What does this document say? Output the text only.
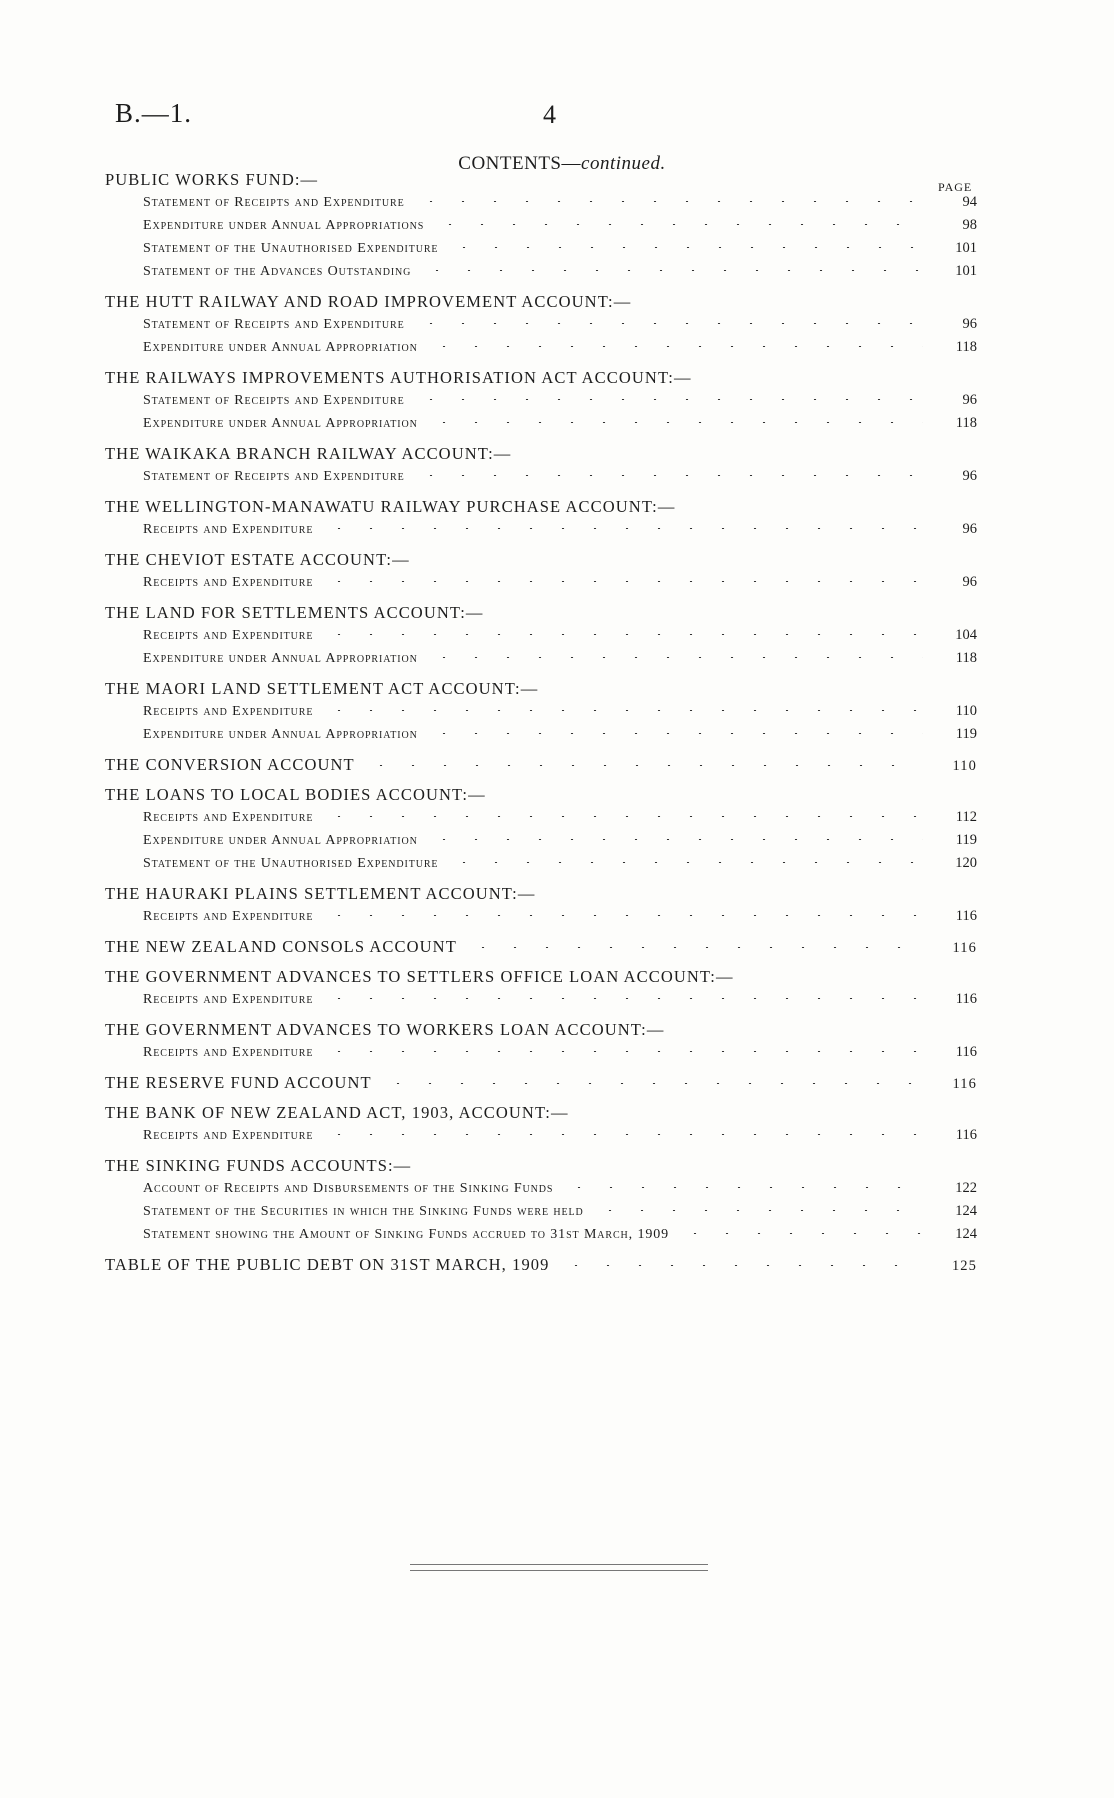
B.—1.	4
CONTENTS—continued.
PAGE
PUBLIC WORKS FUND:—
Statement of Receipts and Expenditure	94
Expenditure under Annual Appropriations	98
Statement of the Unauthorised Expenditure	101
Statement of the Advances Outstanding	101
THE HUTT RAILWAY AND ROAD IMPROVEMENT ACCOUNT:—
Statement of Receipts and Expenditure	96
Expenditure under Annual Appropriation	118
THE RAILWAYS IMPROVEMENTS AUTHORISATION ACT ACCOUNT:—
Statement of Receipts and Expenditure	96
Expenditure under Annual Appropriation	118
THE WAIKAKA BRANCH RAILWAY ACCOUNT:—
Statement of Receipts and Expenditure	96
THE WELLINGTON-MANAWATU RAILWAY PURCHASE ACCOUNT:—
Receipts and Expenditure	96
THE CHEVIOT ESTATE ACCOUNT:—
Receipts and Expenditure	96
THE LAND FOR SETTLEMENTS ACCOUNT:—
Receipts and Expenditure	104
Expenditure under Annual Appropriation	118
THE MAORI LAND SETTLEMENT ACT ACCOUNT:—
Receipts and Expenditure	110
Expenditure under Annual Appropriation	119
THE CONVERSION ACCOUNT	110
THE LOANS TO LOCAL BODIES ACCOUNT:—
Receipts and Expenditure	112
Expenditure under Annual Appropriation	119
Statement of the Unauthorised Expenditure	120
THE HAURAKI PLAINS SETTLEMENT ACCOUNT:—
Receipts and Expenditure	116
THE NEW ZEALAND CONSOLS ACCOUNT	116
THE GOVERNMENT ADVANCES TO SETTLERS OFFICE LOAN ACCOUNT:—
Receipts and Expenditure	116
THE GOVERNMENT ADVANCES TO WORKERS LOAN ACCOUNT:—
Receipts and Expenditure	116
THE RESERVE FUND ACCOUNT	116
THE BANK OF NEW ZEALAND ACT, 1903, ACCOUNT:—
Receipts and Expenditure	116
THE SINKING FUNDS ACCOUNTS:—
Account of Receipts and Disbursements of the Sinking Funds	122
Statement of the Securities in which the Sinking Funds were held	124
Statement showing the Amount of Sinking Funds accrued to 31st March, 1909	124
TABLE OF THE PUBLIC DEBT ON 31ST MARCH, 1909	125
